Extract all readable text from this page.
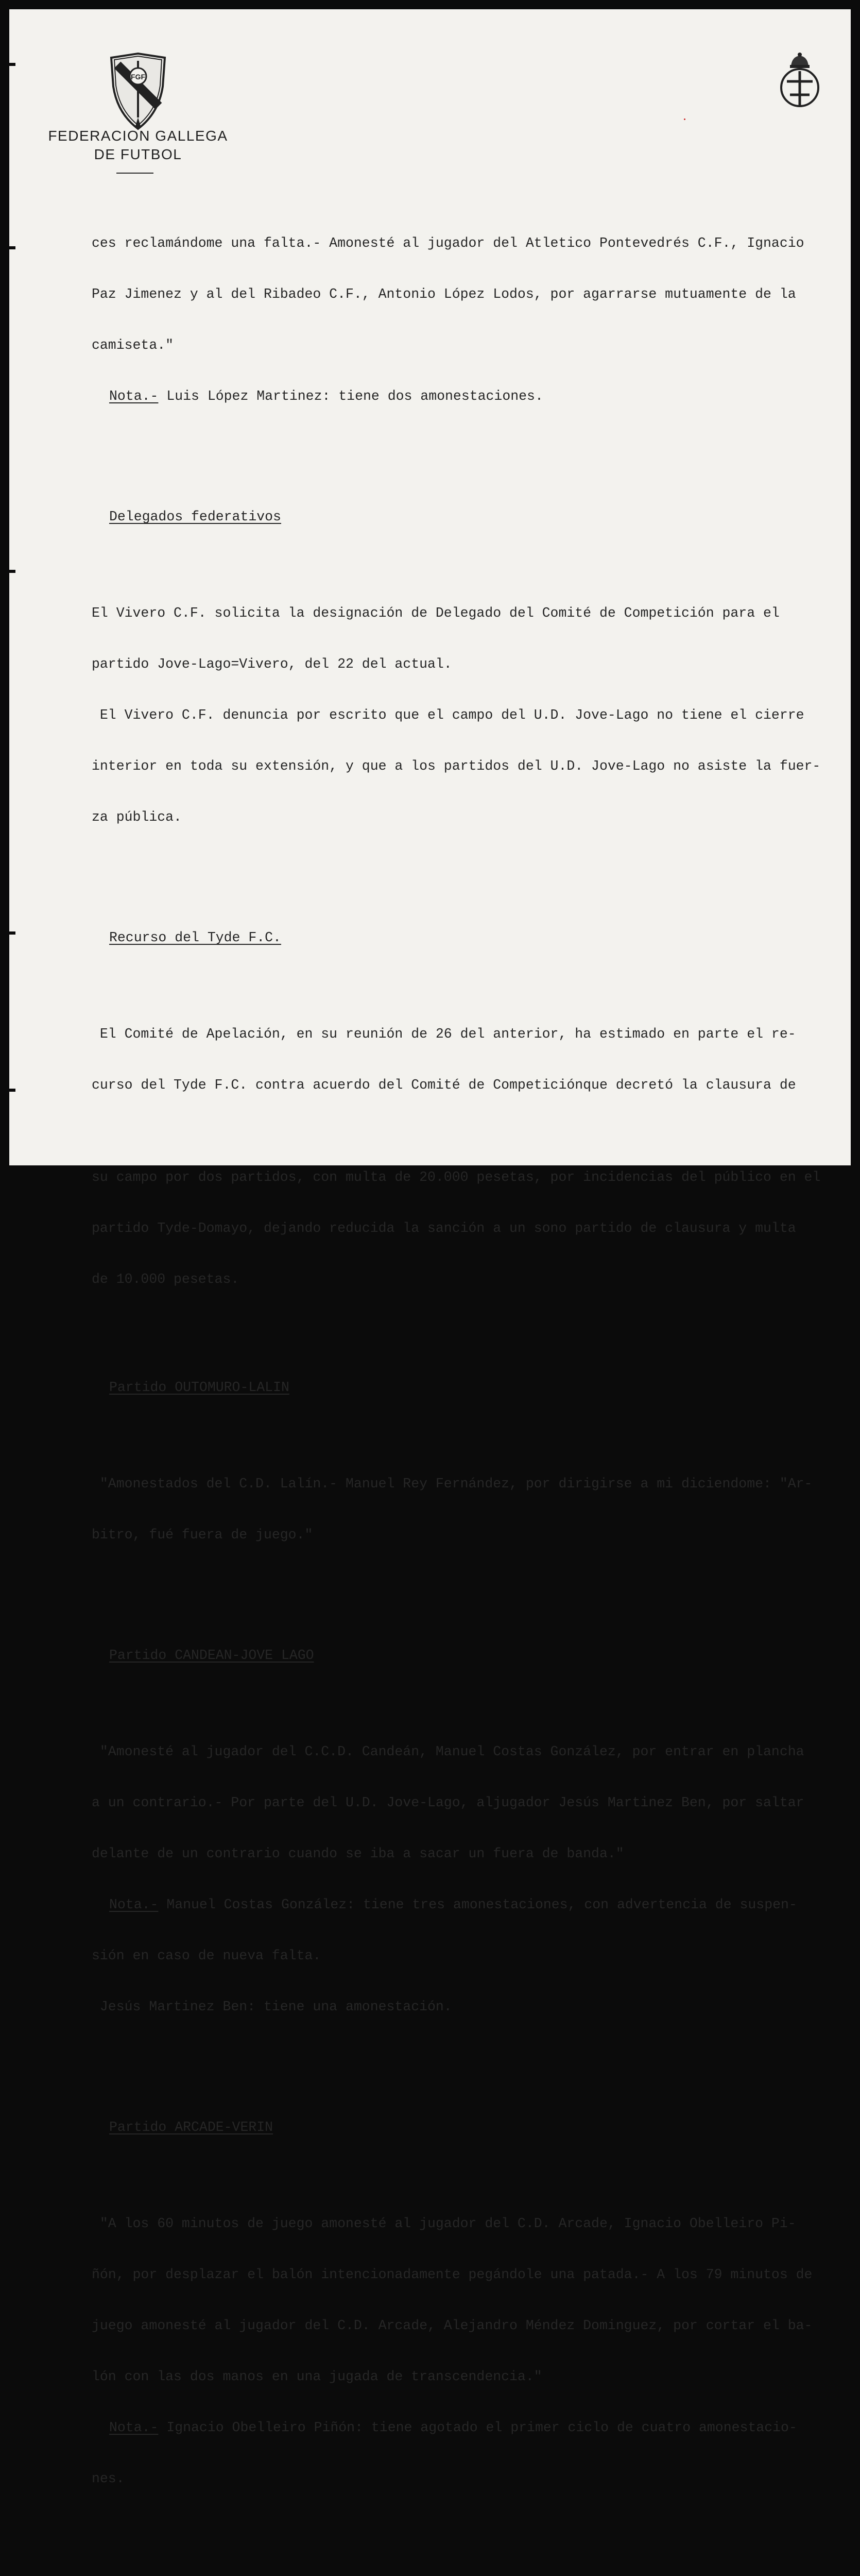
FGF
FEDERACION GALLEGA
DE FUTBOL

ces reclamándome una falta.- Amonesté al jugador del Atletico Pontevedrés C.F., Ignacio

Paz Jimenez y al del Ribadeo C.F., Antonio López Lodos, por agarrarse mutuamente de la

camiseta."

Nota.- Luis López Martinez: tiene dos amonestaciones.

Delegados federativos

El Vivero C.F. solicita la designación de Delegado del Comité de Competición para el

partido Jove-Lago=Vivero, del 22 del actual.

El Vivero C.F. denuncia por escrito que el campo del U.D. Jove-Lago no tiene el cierre

interior en toda su extensión, y que a los partidos del U.D. Jove-Lago no asiste la fuer-

za pública.

Recurso del Tyde F.C.

El Comité de Apelación, en su reunión de 26 del anterior, ha estimado en parte el re-

curso del Tyde F.C. contra acuerdo del Comité de Competiciónque decretó la clausura de

su campo por dos partidos, con multa de 20.000 pesetas, por incidencias del público en el

partido Tyde-Domayo, dejando reducida la sanción a un sono partido de clausura y multa

de 10.000 pesetas.

Partido OUTOMURO-LALIN

"Amonestados del C.D. Lalín.- Manuel Rey Fernández, por dirigirse a mi diciendome: "Ar-

bitro, fué fuera de juego."

Partido CANDEAN-JOVE LAGO

"Amonesté al jugador del C.C.D. Candeán, Manuel Costas González, por entrar en plancha

a un contrario.- Por parte del U.D. Jove-Lago, aljugador Jesús Martinez Ben, por saltar

delante de un contrario cuando se iba a sacar un fuera de banda."

Nota.- Manuel Costas González: tiene tres amonestaciones, con advertencia de suspen-

sión en caso de nueva falta.

Jesús Martinez Ben: tiene una amonestación.

Partido ARCADE-VERIN

"A los 60 minutos de juego amonesté al jugador del C.D. Arcade, Ignacio Obelleiro Pi-

ñón, por desplazar el balón intencionadamente pegándole una patada.- A los 79 minutos de

juego amonesté al jugador del C.D. Arcade, Alejandro Méndez Dominguez, por cortar el ba-

lón con las dos manos en una jugada de transcendencia."

Nota.- Ignacio Obelleiro Piñón: tiene agotado el primer ciclo de cuatro amonestacio-

nes.
